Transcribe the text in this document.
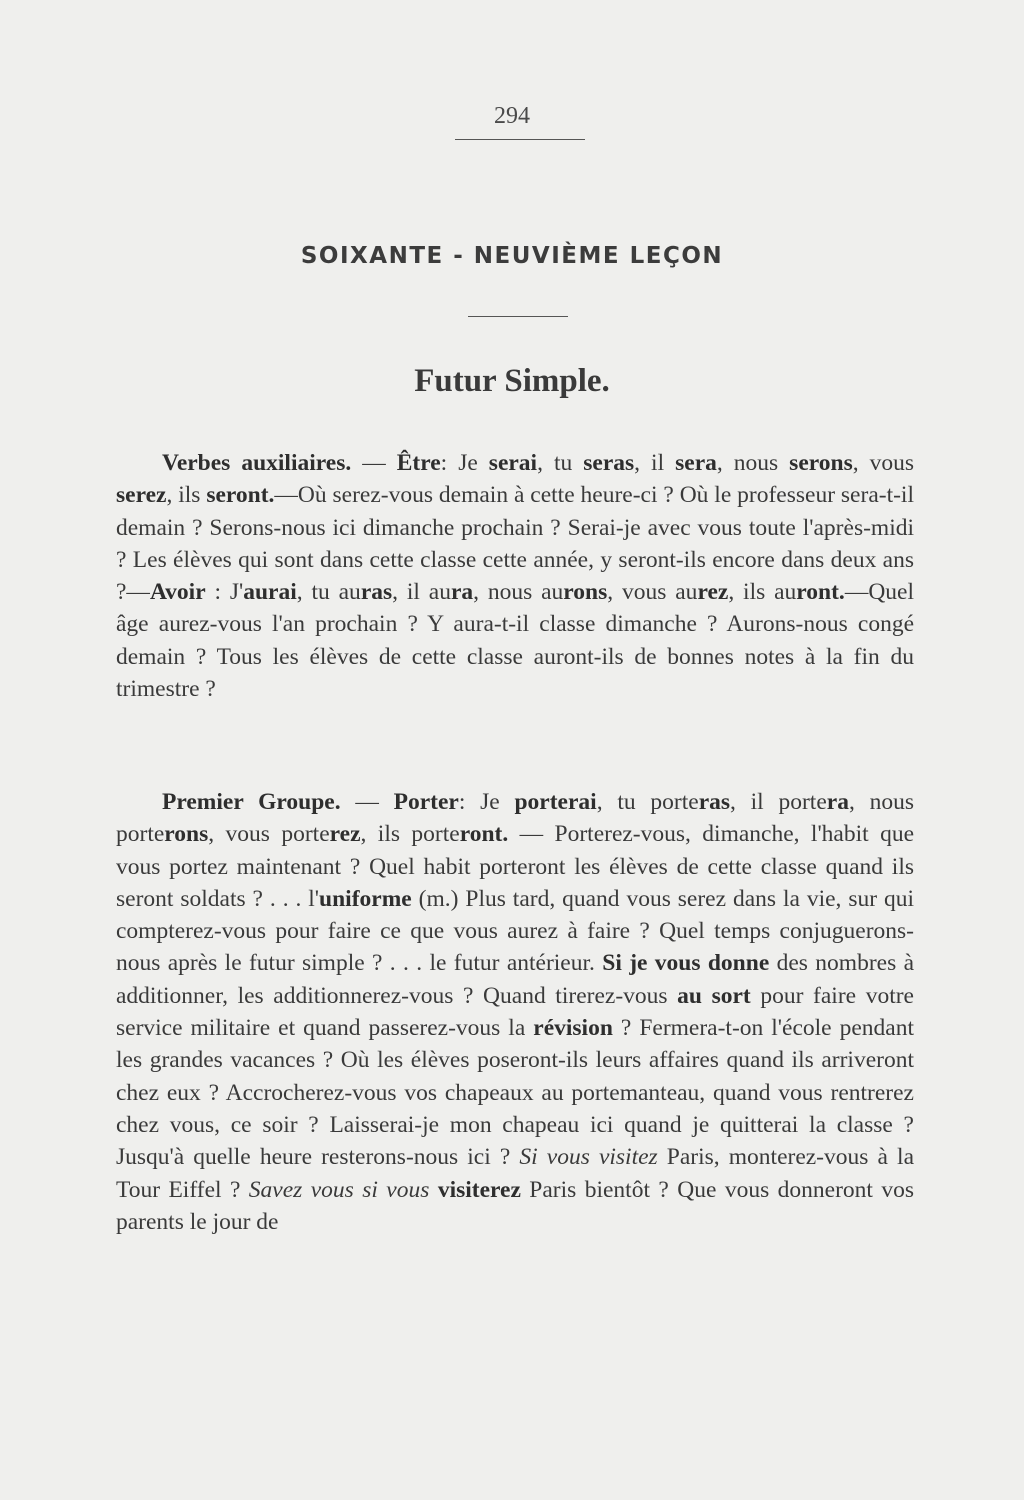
294
SOIXANTE - NEUVIÈME LEÇON
Futur Simple.

Verbes auxiliaires. — Être: Je serai, tu seras, il sera, nous serons, vous serez, ils seront.—Où serez-vous demain à cette heure-ci ? Où le professeur sera-t-il demain ? Serons-nous ici dimanche prochain ? Serai-je avec vous toute l'après-midi ? Les élèves qui sont dans cette classe cette année, y seront-ils encore dans deux ans ?—Avoir : J'aurai, tu auras, il aura, nous aurons, vous aurez, ils auront.—Quel âge aurez-vous l'an prochain ? Y aura-t-il classe dimanche ? Aurons-nous congé demain ? Tous les élèves de cette classe auront-ils de bonnes notes à la fin du trimestre ?

Premier Groupe. — Porter: Je porterai, tu porteras, il portera, nous porterons, vous porterez, ils porteront. — Porterez-vous, dimanche, l'habit que vous portez maintenant ? Quel habit porteront les élèves de cette classe quand ils seront soldats ? . . . l'uniforme (m.) Plus tard, quand vous serez dans la vie, sur qui compterez-vous pour faire ce que vous aurez à faire ? Quel temps conjuguerons-nous après le futur simple ? . . . le futur antérieur. Si je vous donne des nombres à additionner, les additionnerez-vous ? Quand tirerez-vous au sort pour faire votre service militaire et quand passerez-vous la révision ? Fermera-t-on l'école pendant les grandes vacances ? Où les élèves poseront-ils leurs affaires quand ils arriveront chez eux ? Accrocherez-vous vos chapeaux au portemanteau, quand vous rentrerez chez vous, ce soir ? Laisserai-je mon chapeau ici quand je quitterai la classe ? Jusqu'à quelle heure resterons-nous ici ? Si vous visitez Paris, monterez-vous à la Tour Eiffel ? Savez vous si vous visiterez Paris bientôt ? Que vous donneront vos parents le jour de
